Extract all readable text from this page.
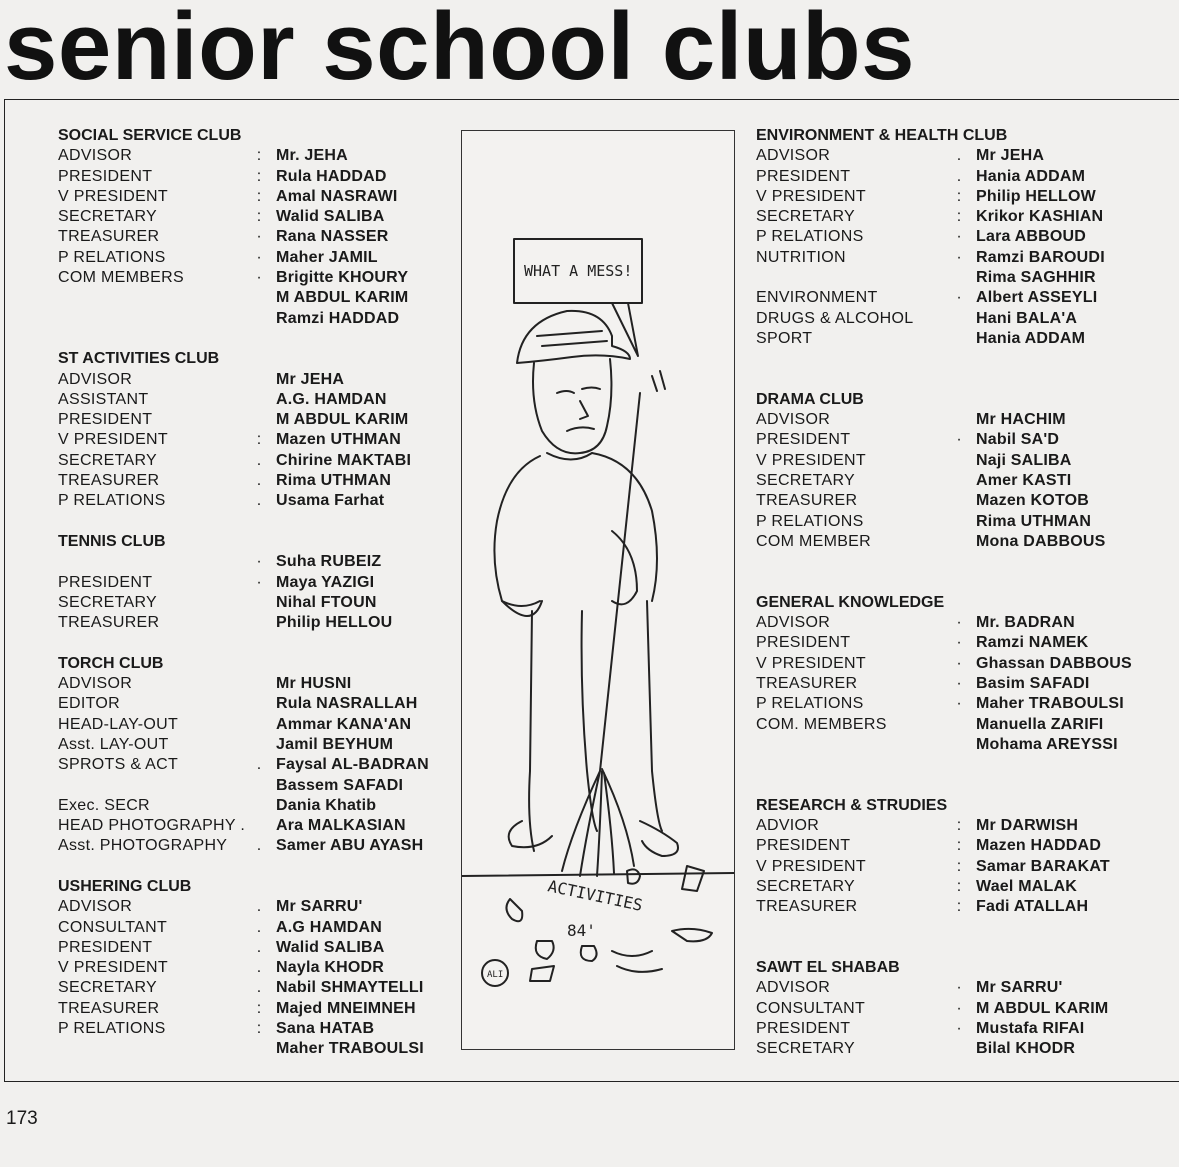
senior school clubs
SOCIAL SERVICE CLUB
ADVISOR	: Mr. JEHA
PRESIDENT	: Rula HADDAD
V PRESIDENT	: Amal NASRAWI
SECRETARY	: Walid SALIBA
TREASURER	· Rana NASSER
P RELATIONS	· Maher JAMIL
COM MEMBERS	· Brigitte KHOURY
M ABDUL KARIM
Ramzi HADDAD
ST ACTIVITIES CLUB
ADVISOR	Mr JEHA
ASSISTANT	A.G. HAMDAN
PRESIDENT	M ABDUL KARIM
V PRESIDENT	: Mazen UTHMAN
SECRETARY	. Chirine MAKTABI
TREASURER	. Rima UTHMAN
P RELATIONS	. Usama Farhat
TENNIS CLUB
· Suha RUBEIZ
PRESIDENT	· Maya YAZIGI
SECRETARY	Nihal FTOUN
TREASURER	Philip HELLOU
TORCH CLUB
ADVISOR	Mr HUSNI
EDITOR	Rula NASRALLAH
HEAD-LAY-OUT	Ammar KANA'AN
Asst. LAY-OUT	Jamil BEYHUM
SPROTS & ACT	. Faysal AL-BADRAN
Bassem SAFADI
Exec. SECR	Dania Khatib
HEAD PHOTOGRAPHY . Ara MALKASIAN
Asst. PHOTOGRAPHY	. Samer ABU AYASH
USHERING CLUB
ADVISOR	. Mr SARRU'
CONSULTANT	. A.G HAMDAN
PRESIDENT	. Walid SALIBA
V PRESIDENT	. Nayla KHODR
SECRETARY	. Nabil SHMAYTELLI
TREASURER	: Majed MNEIMNEH
P RELATIONS	: Sana HATAB
Maher TRABOULSI
ENVIRONMENT & HEALTH CLUB
ADVISOR	. Mr JEHA
PRESIDENT	. Hania ADDAM
V PRESIDENT	: Philip HELLOW
SECRETARY	: Krikor KASHIAN
P RELATIONS	· Lara ABBOUD
NUTRITION	· Ramzi BAROUDI
Rima SAGHHIR
ENVIRONMENT	· Albert ASSEYLI
DRUGS & ALCOHOL	Hani BALA'A
SPORT	Hania ADDAM
DRAMA CLUB
ADVISOR	Mr HACHIM
PRESIDENT	· Nabil SA'D
V PRESIDENT	Naji SALIBA
SECRETARY	Amer KASTI
TREASURER	Mazen KOTOB
P RELATIONS	Rima UTHMAN
COM MEMBER	Mona DABBOUS
GENERAL KNOWLEDGE
ADVISOR	· Mr. BADRAN
PRESIDENT	· Ramzi NAMEK
V PRESIDENT	· Ghassan DABBOUS
TREASURER	· Basim SAFADI
P RELATIONS	· Maher TRABOULSI
COM. MEMBERS	Manuella ZARIFI
Mohama AREYSSI
RESEARCH & STRUDIES
ADVIOR	: Mr DARWISH
PRESIDENT	: Mazen HADDAD
V PRESIDENT	: Samar BARAKAT
SECRETARY	: Wael MALAK
TREASURER	: Fadi ATALLAH
SAWT EL SHABAB
ADVISOR	· Mr SARRU'
CONSULTANT	· M ABDUL KARIM
PRESIDENT	· Mustafa RIFAI
SECRETARY	Bilal KHODR
WHAT A MESS!
ACTIVITIES
84'
ALI

173
